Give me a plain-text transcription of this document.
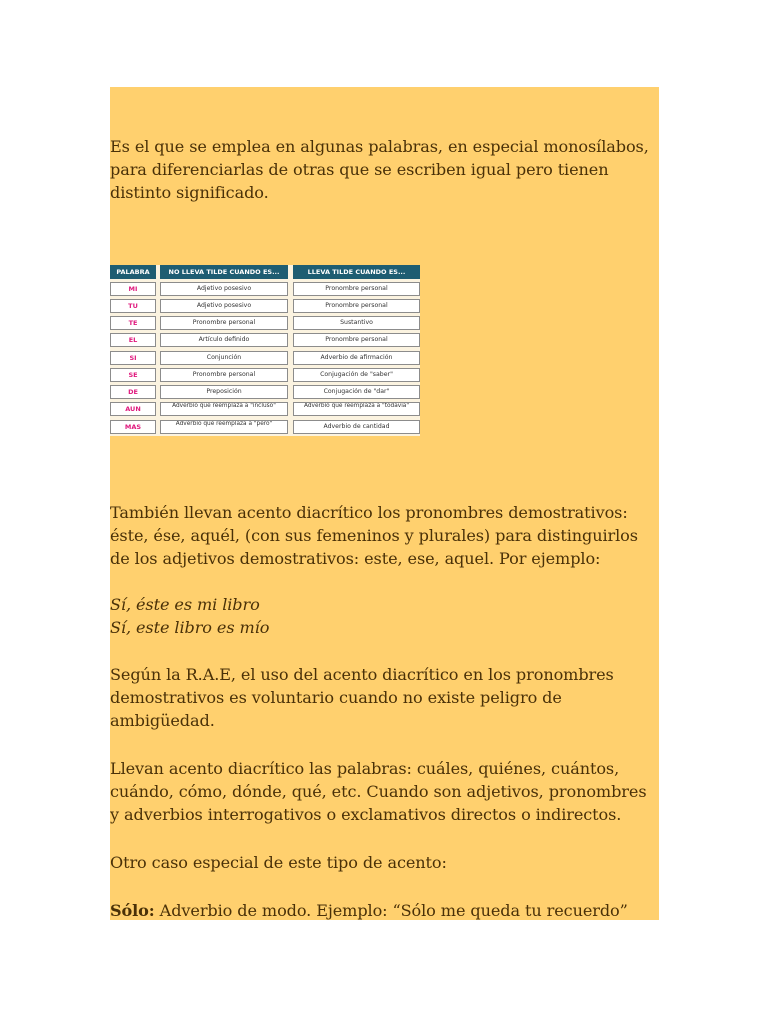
Es el que se emplea en algunas palabras, en especial monosílabos, para diferenciarlas de otras que se escriben igual pero tienen distinto significado.

PALABRA	NO LLEVA TILDE CUANDO ES...	LLEVA TILDE CUANDO ES...
MI	Adjetivo posesivo	Pronombre personal
TU	Adjetivo posesivo	Pronombre personal
TE	Pronombre personal	Sustantivo
EL	Artículo definido	Pronombre personal
SI	Conjunción	Adverbio de afirmación
SE	Pronombre personal	Conjugación de "saber"
DE	Preposición	Conjugación de "dar"
AUN	Adverbio que reemplaza a "incluso"	Adverbio que reemplaza a "todavía"
MAS	Adverbio que reemplaza a "pero"	Adverbio de cantidad

También llevan acento diacrítico los pronombres demostrativos: éste, ése, aquél, (con sus femeninos y plurales) para distinguirlos de los adjetivos demostrativos: este, ese, aquel. Por ejemplo:

Sí, éste es mi libro
Sí, este libro es mío

Según la R.A.E, el uso del acento diacrítico en los pronombres demostrativos es voluntario cuando no existe peligro de ambigüedad.

Llevan acento diacrítico las palabras: cuáles, quiénes, cuántos, cuándo, cómo, dónde, qué, etc. Cuando son adjetivos, pronombres y adverbios interrogativos o exclamativos directos o indirectos.

Otro caso especial de este tipo de acento:

Sólo: Adverbio de modo. Ejemplo: “Sólo me queda tu recuerdo”
